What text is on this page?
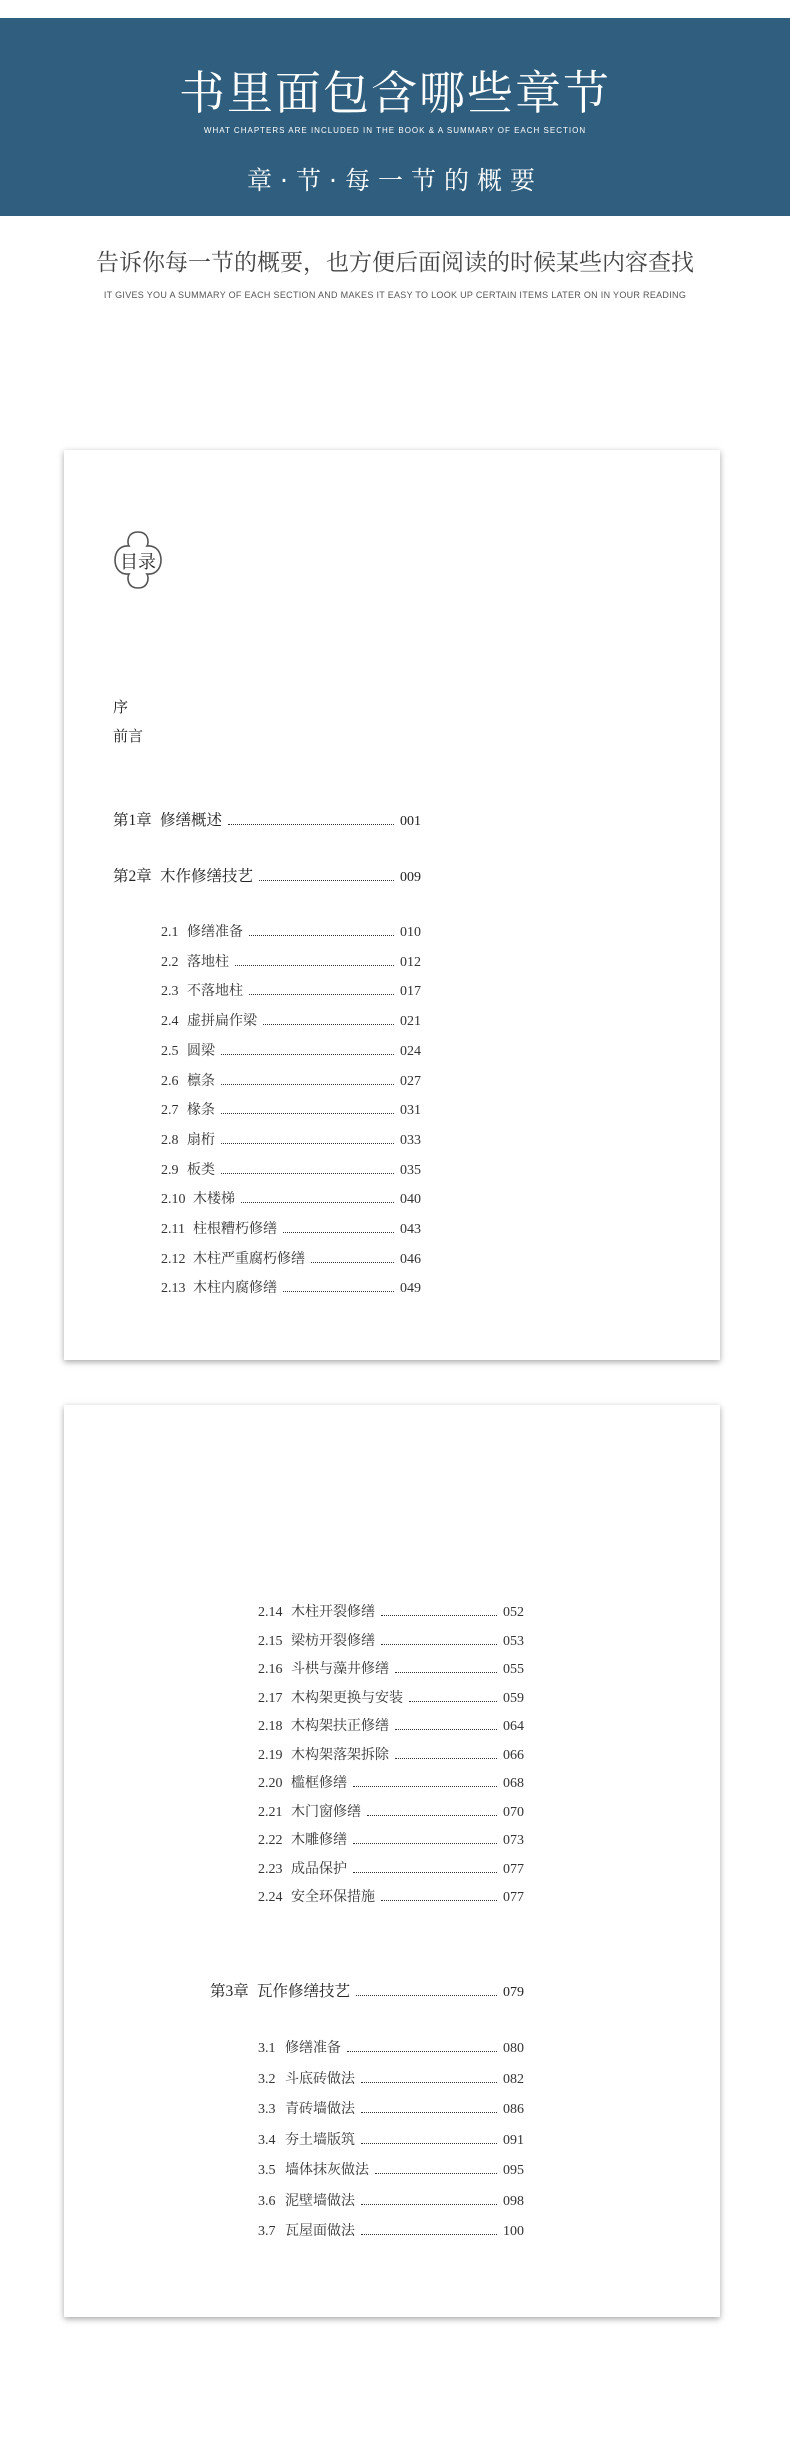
书里面包含哪些章节
WHAT CHAPTERS ARE INCLUDED IN THE BOOK & A SUMMARY OF EACH SECTION
章·节·每一节的概要
告诉你每一节的概要，也方便后面阅读的时候某些内容查找
IT GIVES YOU A SUMMARY OF EACH SECTION AND MAKES IT EASY TO LOOK UP CERTAIN ITEMS LATER ON IN YOUR READING
目录
序
前言
第1章 修缮概述	001
第2章 木作修缮技艺	009
2.1 修缮准备	010
2.2 落地柱	012
2.3 不落地柱	017
2.4 虚拼扁作梁	021
2.5 圆梁	024
2.6 檩条	027
2.7 椽条	031
2.8 扇桁	033
2.9 板类	035
2.10 木楼梯	040
2.11 柱根糟朽修缮	043
2.12 木柱严重腐朽修缮	046
2.13 木柱内腐修缮	049
2.14 木柱开裂修缮	052
2.15 梁枋开裂修缮	053
2.16 斗栱与藻井修缮	055
2.17 木构架更换与安装	059
2.18 木构架扶正修缮	064
2.19 木构架落架拆除	066
2.20 槛框修缮	068
2.21 木门窗修缮	070
2.22 木雕修缮	073
2.23 成品保护	077
2.24 安全环保措施	077
第3章 瓦作修缮技艺	079
3.1 修缮准备	080
3.2 斗底砖做法	082
3.3 青砖墙做法	086
3.4 夯土墙版筑	091
3.5 墙体抹灰做法	095
3.6 泥壁墙做法	098
3.7 瓦屋面做法	100
